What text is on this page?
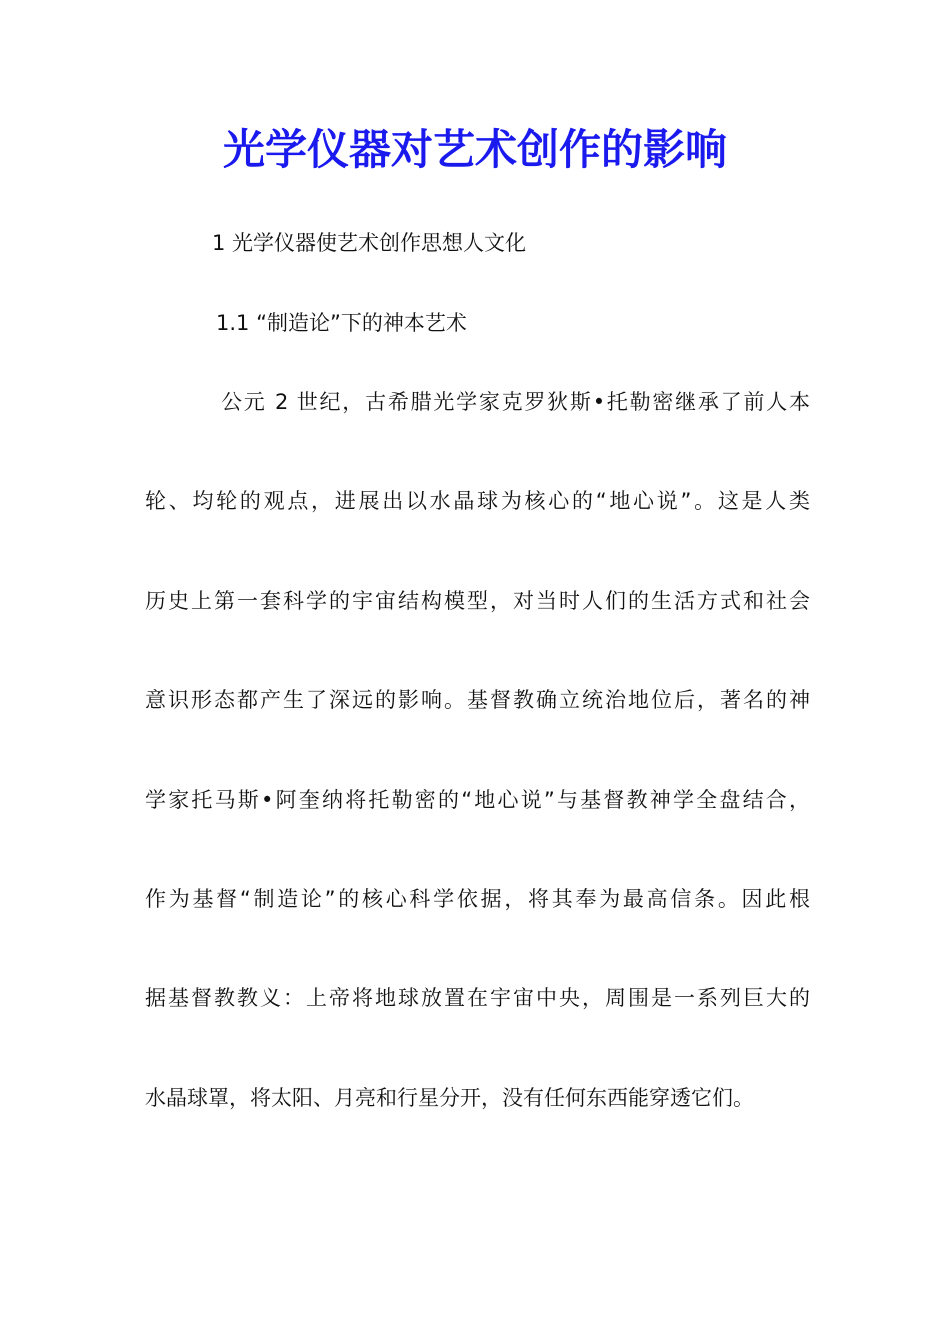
光学仪器对艺术创作的影响
1 光学仪器使艺术创作思想人文化
1.1 “制造论”下的神本艺术
公元 2 世纪，古希腊光学家克罗狄斯•托勒密继承了前人本
轮、均轮的观点，进展出以水晶球为核心的“地心说”。这是人类
历史上第一套科学的宇宙结构模型，对当时人们的生活方式和社会
意识形态都产生了深远的影响。基督教确立统治地位后，著名的神
学家托马斯•阿奎纳将托勒密的“地心说”与基督教神学全盘结合，
作为基督“制造论”的核心科学依据，将其奉为最高信条。因此根
据基督教教义：上帝将地球放置在宇宙中央，周围是一系列巨大的
水晶球罩，将太阳、月亮和行星分开，没有任何东西能穿透它们。
